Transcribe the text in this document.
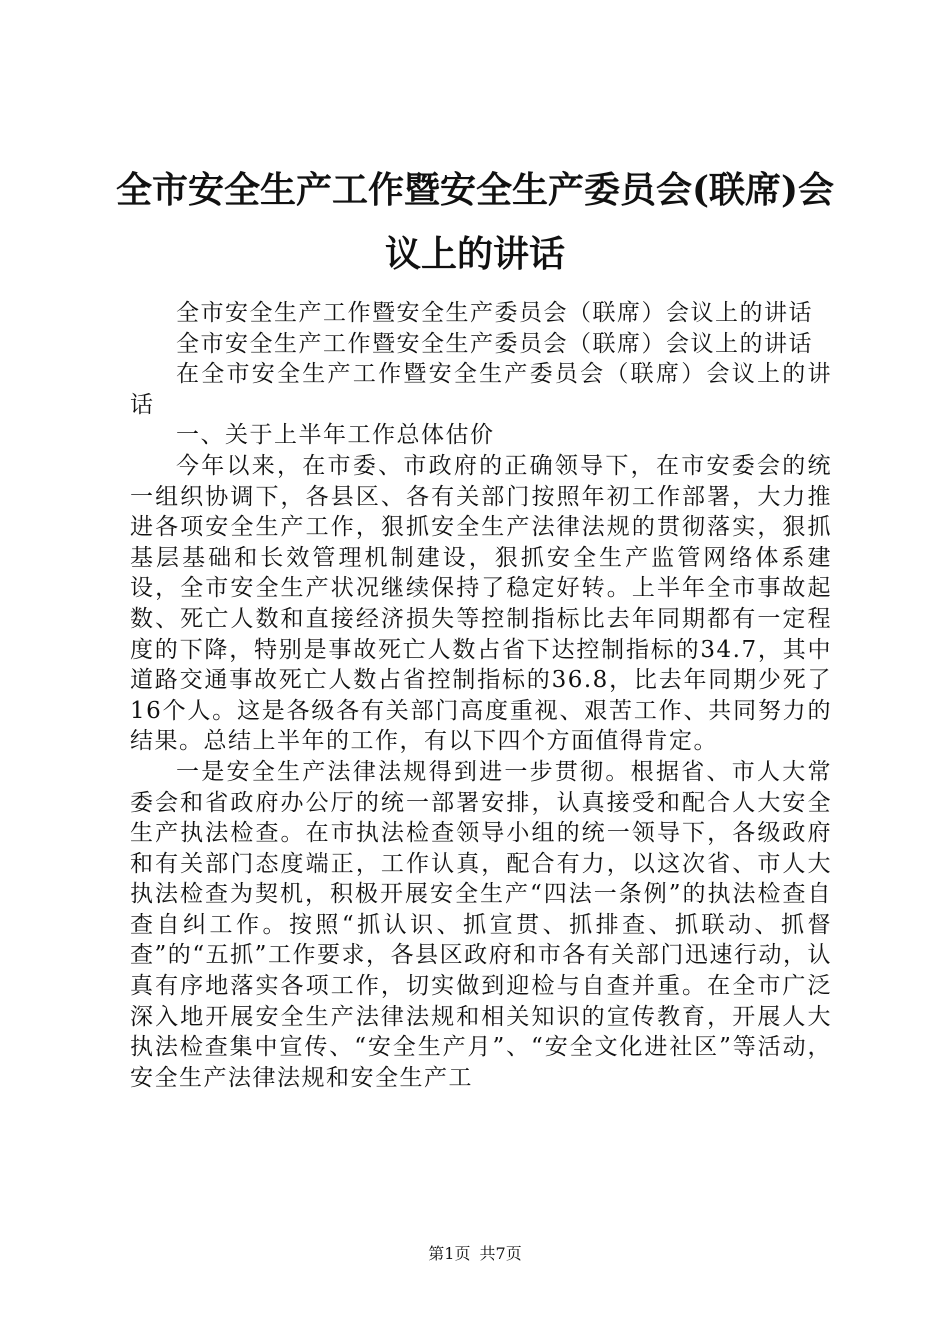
全市安全生产工作暨安全生产委员会(联席)会议上的讲话

全市安全生产工作暨安全生产委员会（联席）会议上的讲话

全市安全生产工作暨安全生产委员会（联席）会议上的讲话

在全市安全生产工作暨安全生产委员会（联席）会议上的讲话

一、关于上半年工作总体估价

今年以来，在市委、市政府的正确领导下，在市安委会的统一组织协调下，各县区、各有关部门按照年初工作部署，大力推进各项安全生产工作，狠抓安全生产法律法规的贯彻落实，狠抓基层基础和长效管理机制建设，狠抓安全生产监管网络体系建设，全市安全生产状况继续保持了稳定好转。上半年全市事故起数、死亡人数和直接经济损失等控制指标比去年同期都有一定程度的下降，特别是事故死亡人数占省下达控制指标的34.7，其中道路交通事故死亡人数占省控制指标的36.8，比去年同期少死了16个人。这是各级各有关部门高度重视、艰苦工作、共同努力的结果。总结上半年的工作，有以下四个方面值得肯定。

一是安全生产法律法规得到进一步贯彻。根据省、市人大常委会和省政府办公厅的统一部署安排，认真接受和配合人大安全生产执法检查。在市执法检查领导小组的统一领导下，各级政府和有关部门态度端正，工作认真，配合有力，以这次省、市人大执法检查为契机，积极开展安全生产“四法一条例”的执法检查自查自纠工作。按照“抓认识、抓宣贯、抓排查、抓联动、抓督查”的“五抓”工作要求，各县区政府和市各有关部门迅速行动，认真有序地落实各项工作，切实做到迎检与自查并重。在全市广泛深入地开展安全生产法律法规和相关知识的宣传教育，开展人大执法检查集中宣传、“安全生产月”、“安全文化进社区”等活动，安全生产法律法规和安全生产工

第1页 共7页
